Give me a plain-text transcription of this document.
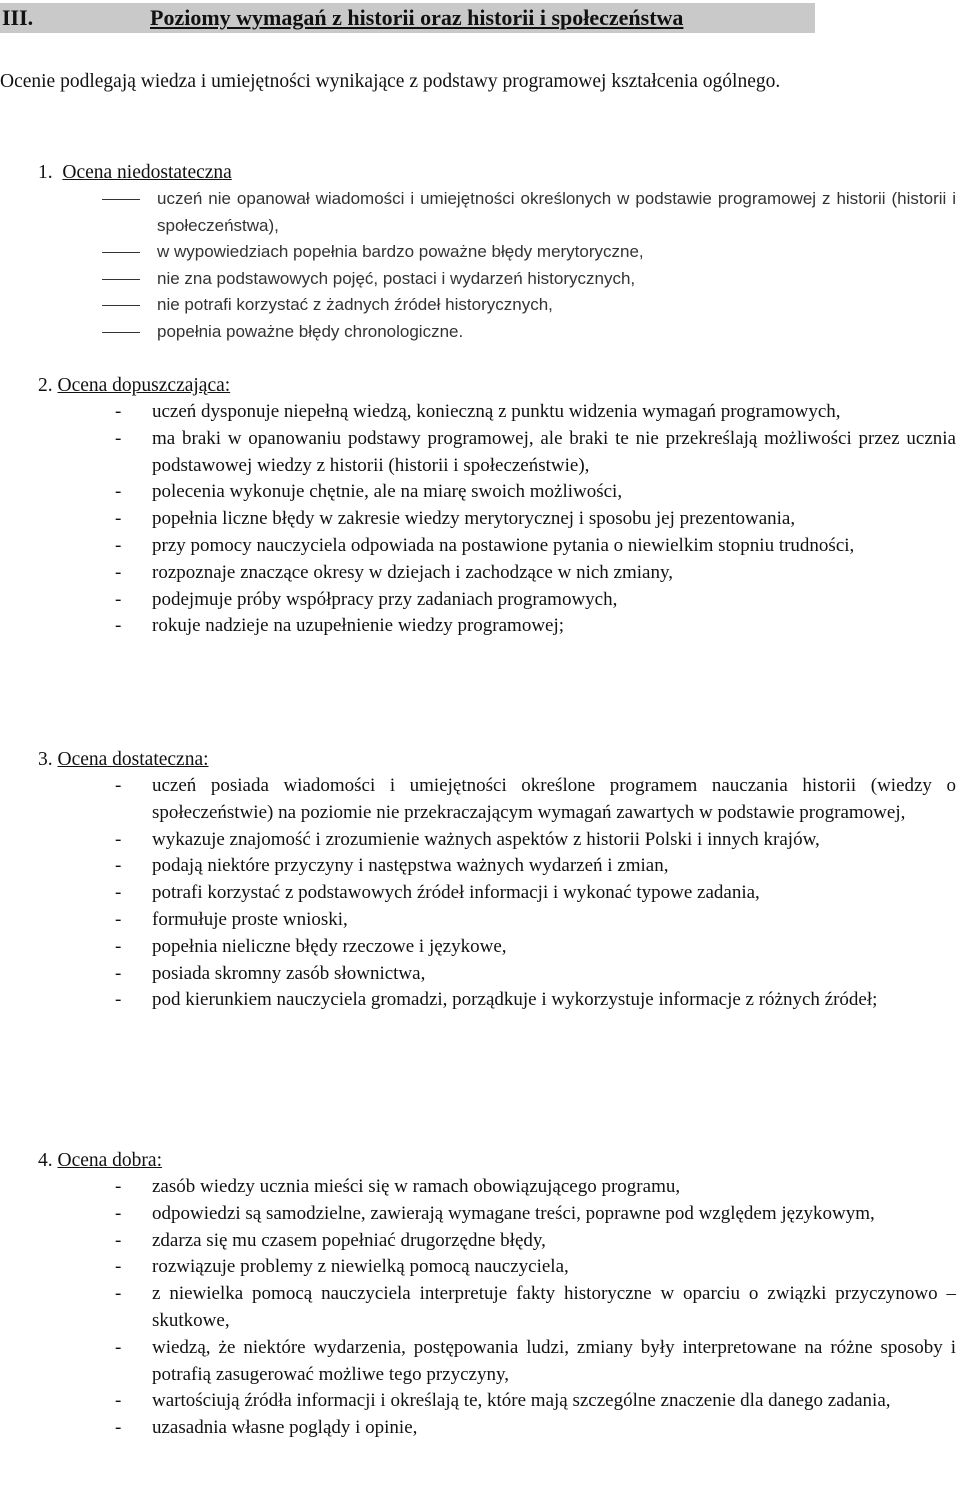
III.	Poziomy wymagań z historii oraz historii i społeczeństwa

Ocenie podlegają wiedza i umiejętności wynikające z podstawy programowej kształcenia ogólnego.

1. Ocena niedostateczna
uczeń nie opanował wiadomości i umiejętności określonych w podstawie programowej z historii (historii i społeczeństwa),
w wypowiedziach popełnia bardzo poważne błędy merytoryczne,
nie zna podstawowych pojęć, postaci i wydarzeń historycznych,
nie potrafi korzystać z żadnych źródeł historycznych,
popełnia poważne błędy chronologiczne.
2. Ocena dopuszczająca:
- uczeń dysponuje niepełną wiedzą, konieczną z punktu widzenia wymagań programowych,
- ma braki w opanowaniu podstawy programowej, ale braki te nie przekreślają możliwości przez ucznia podstawowej wiedzy z historii (historii i społeczeństwie),
- polecenia wykonuje chętnie, ale na miarę swoich możliwości,
- popełnia liczne błędy w zakresie wiedzy merytorycznej i sposobu jej prezentowania,
- przy pomocy nauczyciela odpowiada na postawione pytania o niewielkim stopniu trudności,
- rozpoznaje znaczące okresy w dziejach i zachodzące w nich zmiany,
- podejmuje próby współpracy przy zadaniach programowych,
- rokuje nadzieje na uzupełnienie wiedzy programowej;
3. Ocena dostateczna:
- uczeń posiada wiadomości i umiejętności określone programem nauczania historii (wiedzy o społeczeństwie) na poziomie nie przekraczającym wymagań zawartych w podstawie programowej,
- wykazuje znajomość i zrozumienie ważnych aspektów z historii Polski i innych krajów,
- podają niektóre przyczyny i następstwa ważnych wydarzeń i zmian,
- potrafi korzystać z podstawowych źródeł informacji i wykonać typowe zadania,
- formułuje proste wnioski,
- popełnia nieliczne błędy rzeczowe i językowe,
- posiada skromny zasób słownictwa,
- pod kierunkiem nauczyciela gromadzi, porządkuje i wykorzystuje informacje z różnych źródeł;
4. Ocena dobra:
- zasób wiedzy ucznia mieści się w ramach obowiązującego programu,
- odpowiedzi są samodzielne, zawierają wymagane treści, poprawne pod względem językowym,
- zdarza się mu czasem popełniać drugorzędne błędy,
- rozwiązuje problemy z niewielką pomocą nauczyciela,
- z niewielka pomocą nauczyciela interpretuje fakty historyczne w oparciu o związki przyczynowo – skutkowe,
- wiedzą, że niektóre wydarzenia, postępowania ludzi, zmiany były interpretowane na różne sposoby i potrafią zasugerować możliwe tego przyczyny,
- wartościują źródła informacji i określają te, które mają szczególne znaczenie dla danego zadania,
- uzasadnia własne poglądy i opinie,
